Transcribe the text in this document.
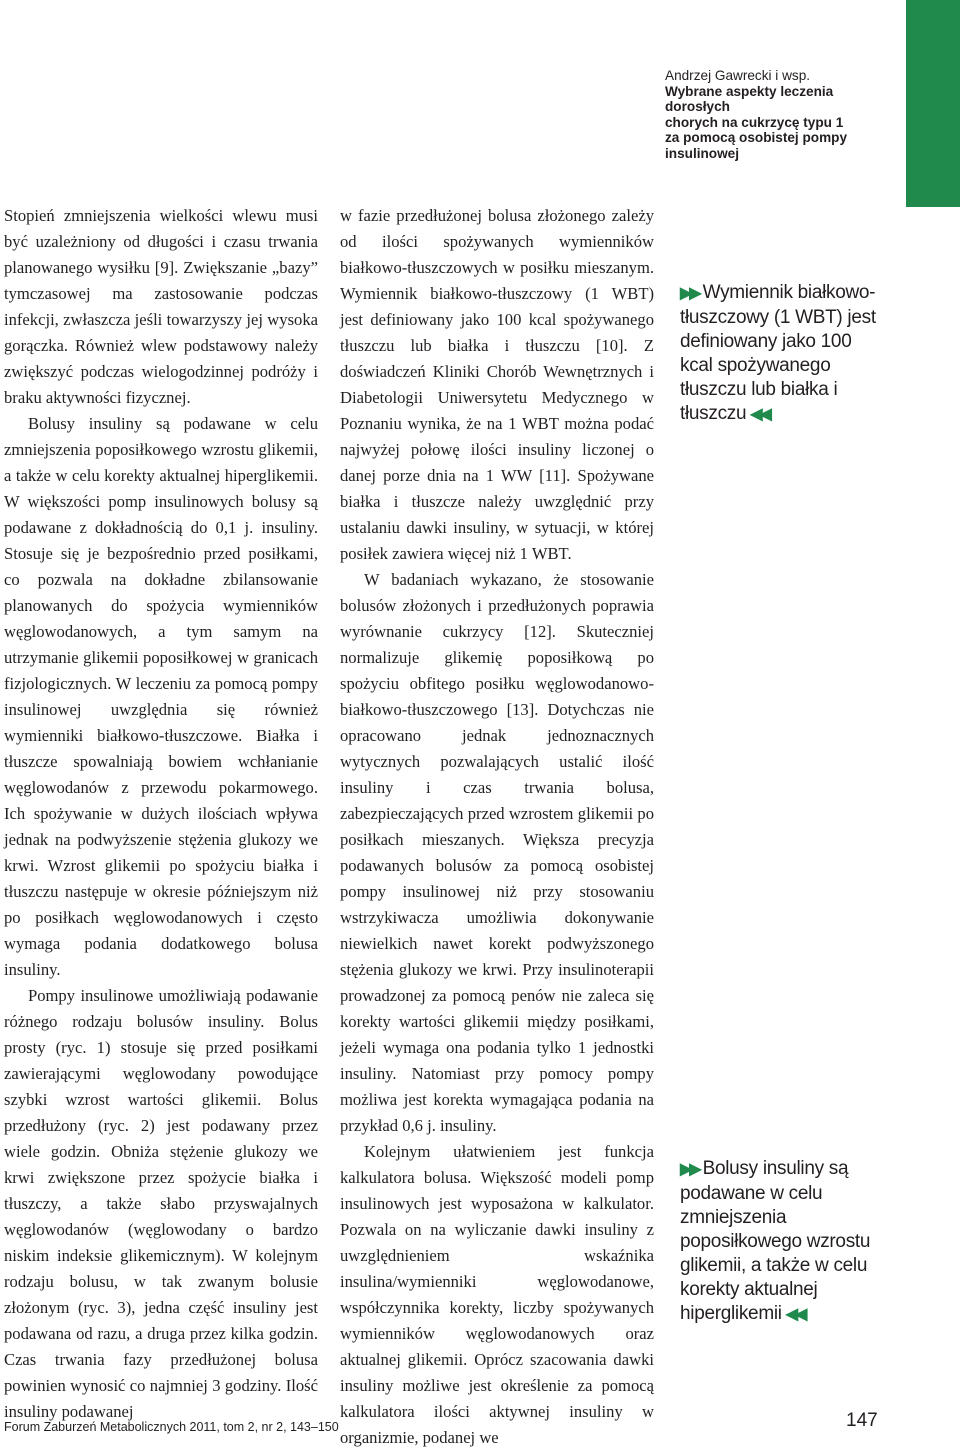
Andrzej Gawrecki i wsp.
Wybrane aspekty leczenia dorosłych
chorych na cukrzycę typu 1
za pomocą osobistej pompy insulinowej

Stopień zmniejszenia wielkości wlewu musi być uzależniony od długości i czasu trwania planowanego wysiłku [9]. Zwiększanie „bazy” tymczasowej ma zastosowanie podczas infekcji, zwłaszcza jeśli towarzyszy jej wysoka gorączka. Również wlew podstawowy należy zwiększyć podczas wielogodzinnej podróży i braku aktywności fizycznej.

Bolusy insuliny są podawane w celu zmniejszenia poposiłkowego wzrostu glikemii, a także w celu korekty aktualnej hiperglikemii. W większości pomp insulinowych bolusy są podawane z dokładnością do 0,1 j. insuliny. Stosuje się je bezpośrednio przed posiłkami, co pozwala na dokładne zbilansowanie planowanych do spożycia wymienników węglowodanowych, a tym samym na utrzymanie glikemii poposiłkowej w granicach fizjologicznych. W leczeniu za pomocą pompy insulinowej uwzględnia się również wymienniki białkowo-tłuszczowe. Białka i tłuszcze spowalniają bowiem wchłanianie węglowodanów z przewodu pokarmowego. Ich spożywanie w dużych ilościach wpływa jednak na podwyższenie stężenia glukozy we krwi. Wzrost glikemii po spożyciu białka i tłuszczu następuje w okresie późniejszym niż po posiłkach węglowodanowych i często wymaga podania dodatkowego bolusa insuliny.

Pompy insulinowe umożliwiają podawanie różnego rodzaju bolusów insuliny. Bolus prosty (ryc. 1) stosuje się przed posiłkami zawierającymi węglowodany powodujące szybki wzrost wartości glikemii. Bolus przedłużony (ryc. 2) jest podawany przez wiele godzin. Obniża stężenie glukozy we krwi zwiększone przez spożycie białka i tłuszczy, a także słabo przyswajalnych węglowodanów (węglowodany o bardzo niskim indeksie glikemicznym). W kolejnym rodzaju bolusu, w tak zwanym bolusie złożonym (ryc. 3), jedna część insuliny jest podawana od razu, a druga przez kilka godzin. Czas trwania fazy przedłużonej bolusa powinien wynosić co najmniej 3 godziny. Ilość insuliny podawanej

w fazie przedłużonej bolusa złożonego zależy od ilości spożywanych wymienników białkowo-tłuszczowych w posiłku mieszanym. Wymiennik białkowo-tłuszczowy (1 WBT) jest definiowany jako 100 kcal spożywanego tłuszczu lub białka i tłuszczu [10]. Z doświadczeń Kliniki Chorób Wewnętrznych i Diabetologii Uniwersytetu Medycznego w Poznaniu wynika, że na 1 WBT można podać najwyżej połowę ilości insuliny liczonej o danej porze dnia na 1 WW [11]. Spożywane białka i tłuszcze należy uwzględnić przy ustalaniu dawki insuliny, w sytuacji, w której posiłek zawiera więcej niż 1 WBT.

W badaniach wykazano, że stosowanie bolusów złożonych i przedłużonych poprawia wyrównanie cukrzycy [12]. Skuteczniej normalizuje glikemię poposiłkową po spożyciu obfitego posiłku węglowodanowo-białkowo-tłuszczowego [13]. Dotychczas nie opracowano jednak jednoznacznych wytycznych pozwalających ustalić ilość insuliny i czas trwania bolusa, zabezpieczających przed wzrostem glikemii po posiłkach mieszanych. Większa precyzja podawanych bolusów za pomocą osobistej pompy insulinowej niż przy stosowaniu wstrzykiwacza umożliwia dokonywanie niewielkich nawet korekt podwyższonego stężenia glukozy we krwi. Przy insulinoterapii prowadzonej za pomocą penów nie zaleca się korekty wartości glikemii między posiłkami, jeżeli wymaga ona podania tylko 1 jednostki insuliny. Natomiast przy pomocy pompy możliwa jest korekta wymagająca podania na przykład 0,6 j. insuliny.

Kolejnym ułatwieniem jest funkcja kalkulatora bolusa. Większość modeli pomp insulinowych jest wyposażona w kalkulator. Pozwala on na wyliczanie dawki insuliny z uwzględnieniem wskaźnika insulina/wymienniki węglowodanowe, współczynnika korekty, liczby spożywanych wymienników węglowodanowych oraz aktualnej glikemii. Oprócz szacowania dawki insuliny możliwe jest określenie za pomocą kalkulatora ilości aktywnej insuliny w organizmie, podanej we

▶▶ Wymiennik białkowo-tłuszczowy (1 WBT) jest definiowany jako 100 kcal spożywanego tłuszczu lub białka i tłuszczu ◀◀
▶▶ Bolusy insuliny są podawane w celu zmniejszenia poposiłkowego wzrostu glikemii, a także w celu korekty aktualnej hiperglikemii ◀◀
Forum Zaburzeń Metabolicznych 2011, tom 2, nr 2, 143–150	147
